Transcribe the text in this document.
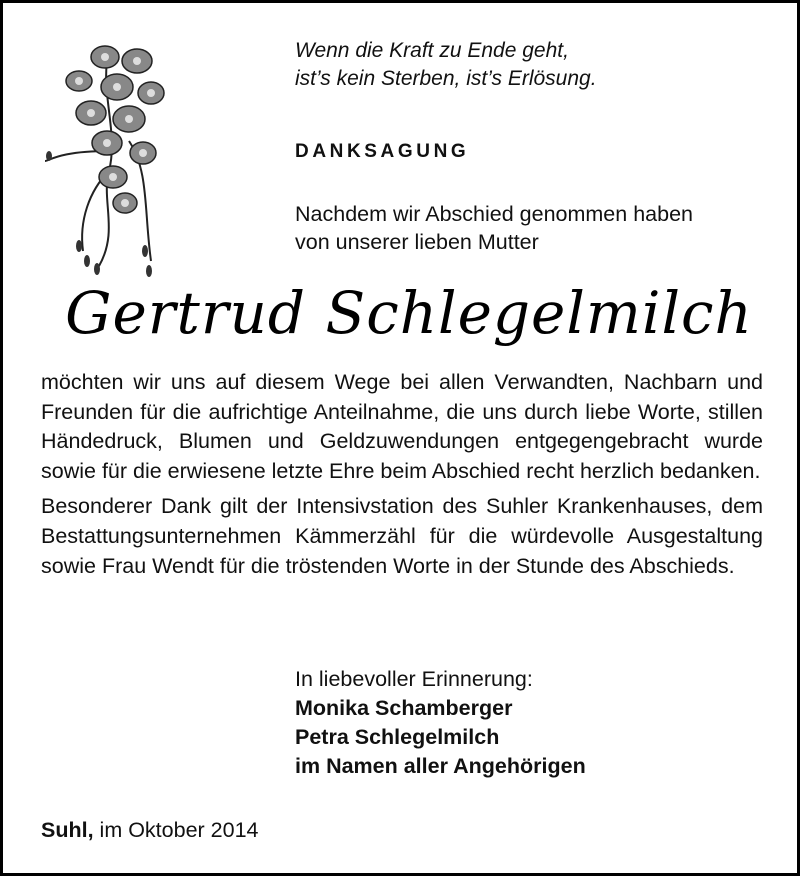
Wenn die Kraft zu Ende geht,
ist’s kein Sterben, ist’s Erlösung.
DANKSAGUNG
Nachdem wir Abschied genommen haben
von unserer lieben Mutter
Gertrud Schlegelmilch

möchten wir uns auf diesem Wege bei allen Verwandten, Nachbarn und Freunden für die aufrichtige Anteilnahme, die uns durch liebe Worte, stillen Händedruck, Blumen und Geldzuwendungen entgegengebracht wurde sowie für die erwiesene letzte Ehre beim Abschied recht herzlich bedanken.

Besonderer Dank gilt der Intensivstation des Suhler Krankenhauses, dem Bestattungsunternehmen Kämmerzähl für die würdevolle Ausgestaltung sowie Frau Wendt für die tröstenden Worte in der Stunde des Abschieds.

In liebevoller Erinnerung:
Monika Schamberger
Petra Schlegelmilch
im Namen aller Angehörigen
Suhl, im Oktober 2014
